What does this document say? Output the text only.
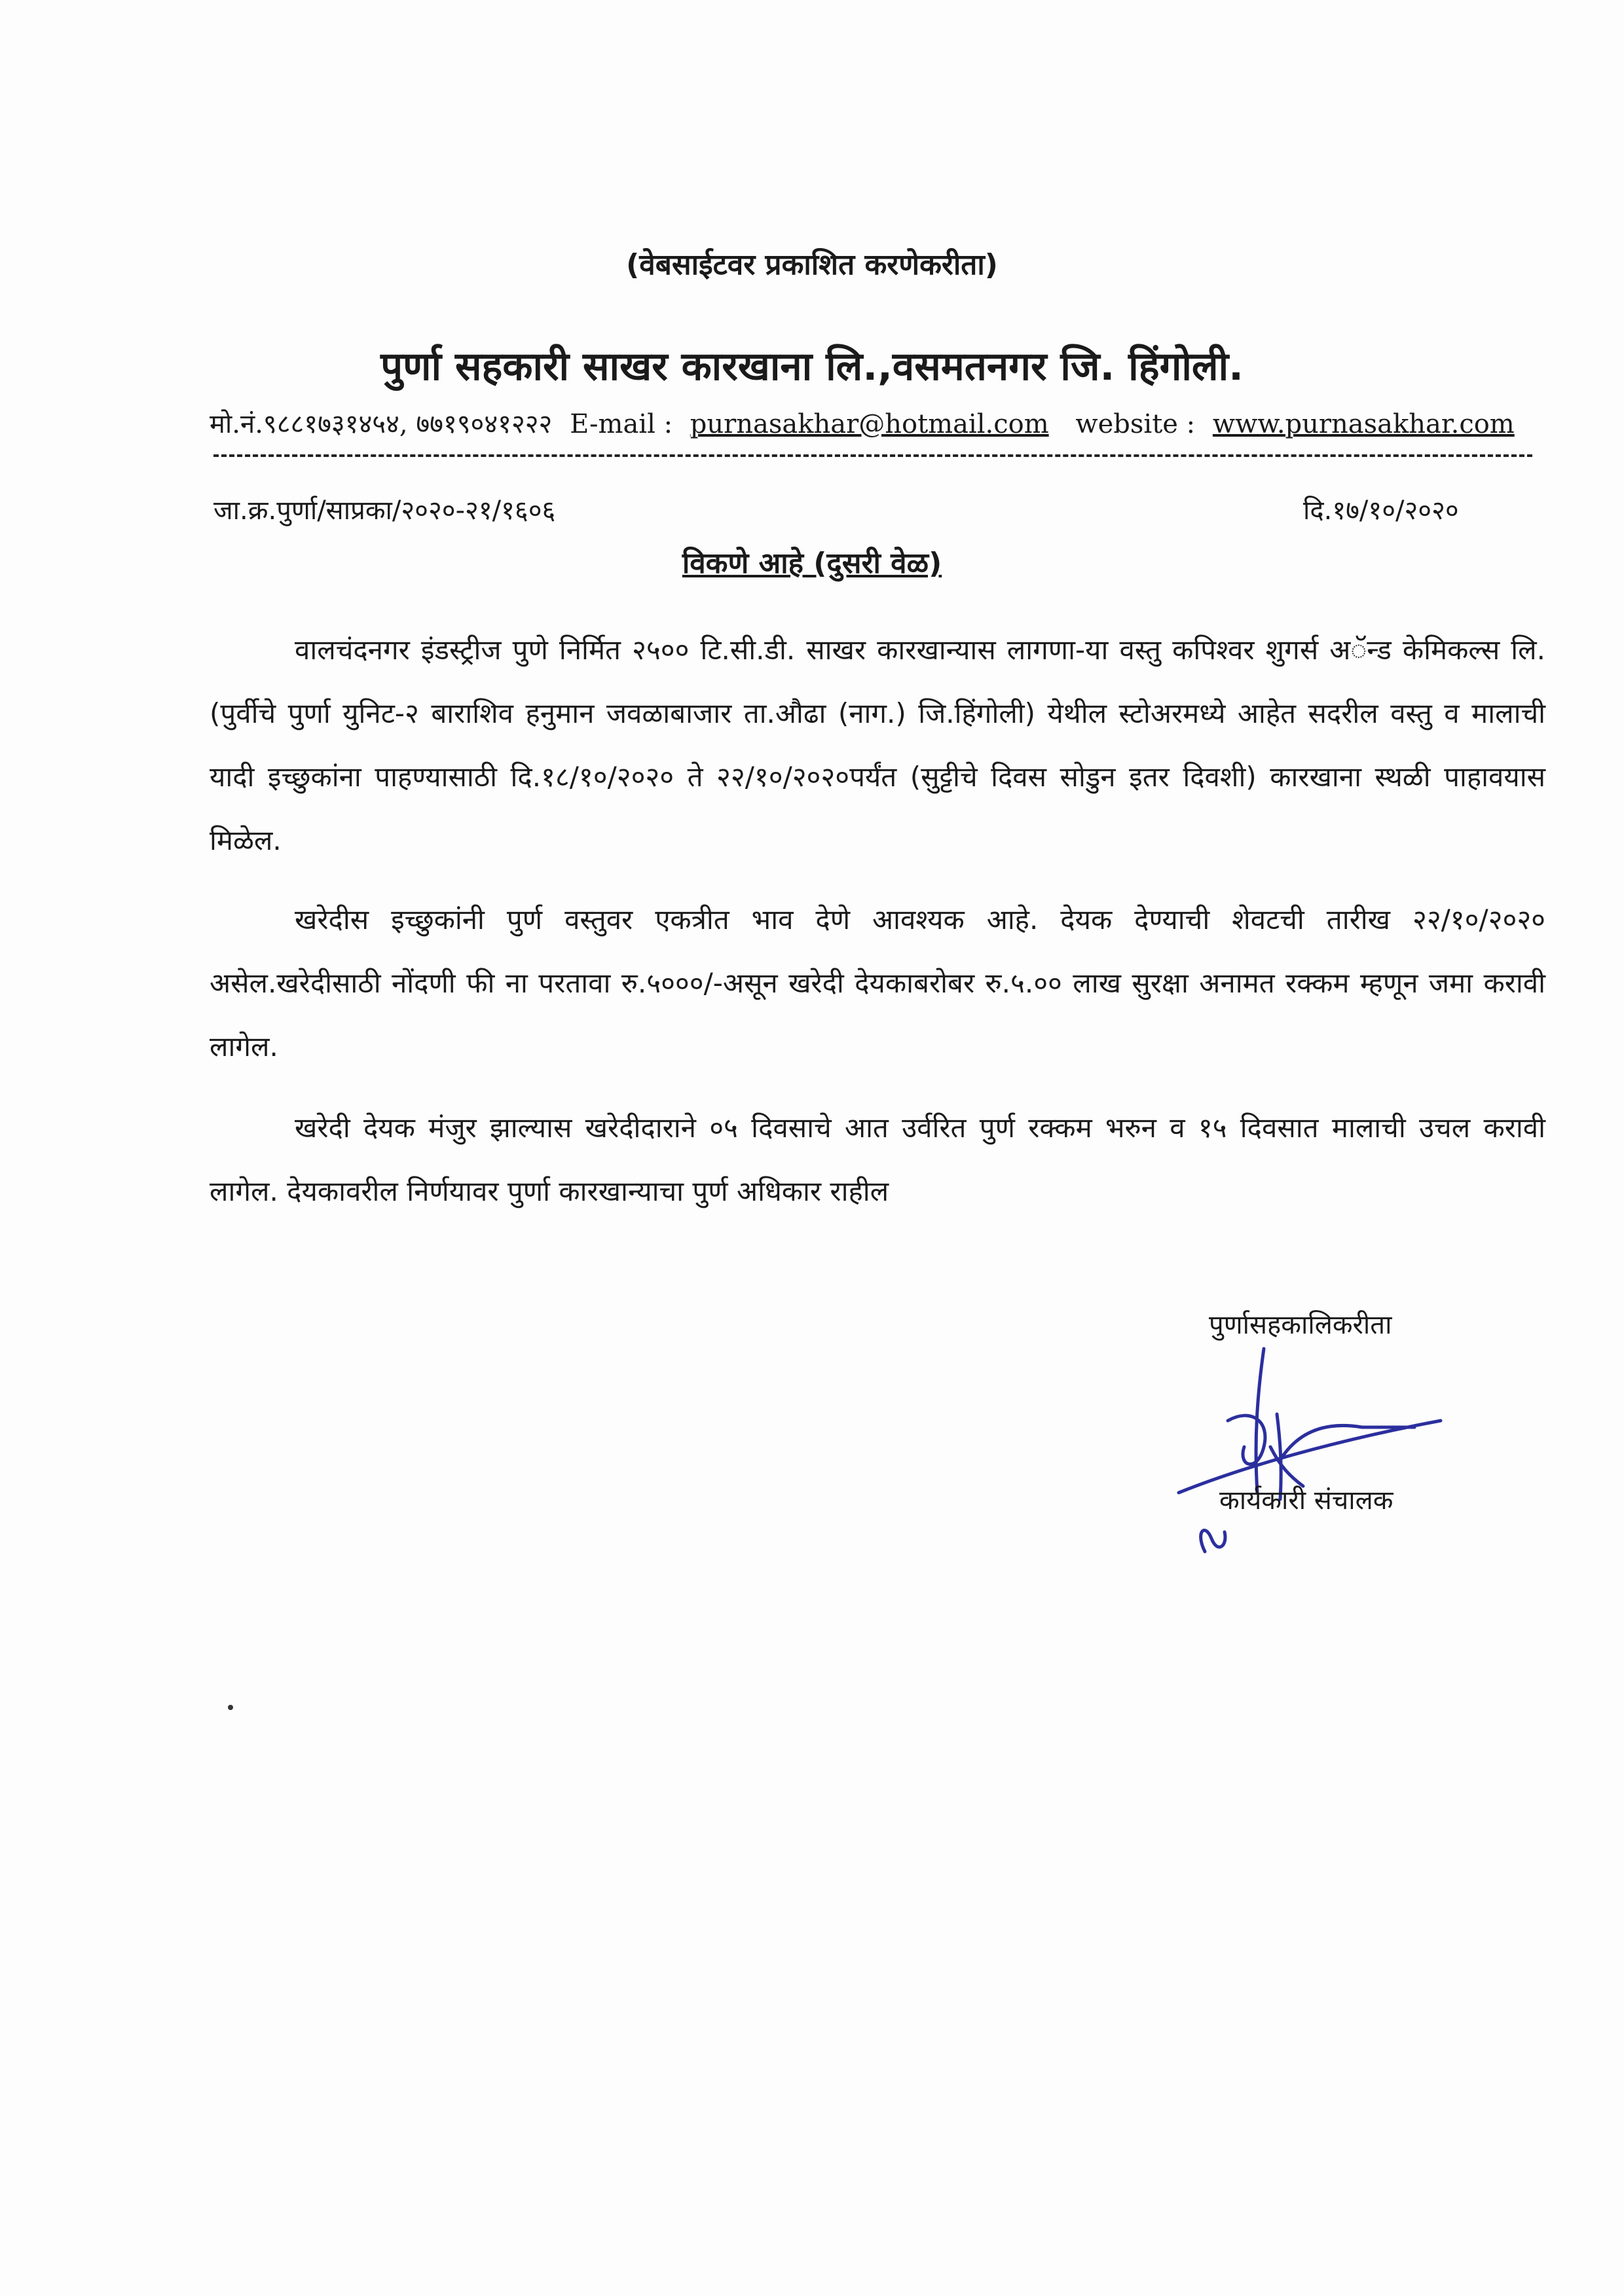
(वेबसाईटवर प्रकाशित करणेकरीता)
पुर्णा सहकारी साखर कारखाना लि.,वसमतनगर जि. हिंगोली.
मो.नं.९८८१७३१४५४, ७७१९०४१२२२ E-mail : purnasakhar@hotmail.com website : www.purnasakhar.com
जा.क्र.पुर्णा/साप्रका/२०२०-२१/१६०६	दि.१७/१०/२०२०
विकणे आहे (दुसरी वेळ)
वालचंदनगर इंडस्ट्रीज पुणे निर्मित २५०० टि.सी.डी. साखर कारखान्यास लागणा-या वस्तु कपिश्वर शुगर्स अॅन्ड केमिकल्स लि. (पुर्वीचे पुर्णा युनिट-२ बाराशिव हनुमान जवळाबाजार ता.औढा (नाग.) जि.हिंगोली) येथील स्टोअरमध्ये आहेत सदरील वस्तु व मालाची यादी इच्छुकांना पाहण्यासाठी दि.१८/१०/२०२० ते २२/१०/२०२०पर्यंत (सुट्टीचे दिवस सोडुन इतर दिवशी) कारखाना स्थळी पाहावयास मिळेल.
खरेदीस इच्छुकांनी पुर्ण वस्तुवर एकत्रीत भाव देणे आवश्यक आहे. देयक देण्याची शेवटची तारीख २२/१०/२०२० असेल.खरेदीसाठी नोंदणी फी ना परतावा रु.५०००/-असून खरेदी देयकाबरोबर रु.५.०० लाख सुरक्षा अनामत रक्कम म्हणून जमा करावी लागेल.
खरेदी देयक मंजुर झाल्यास खरेदीदाराने ०५ दिवसाचे आत उर्वरित पुर्ण रक्कम भरुन व १५ दिवसात मालाची उचल करावी लागेल. देयकावरील निर्णयावर पुर्णा कारखान्याचा पुर्ण अधिकार राहील
पुर्णासहकालिकरीता
कार्यकारी संचालक
